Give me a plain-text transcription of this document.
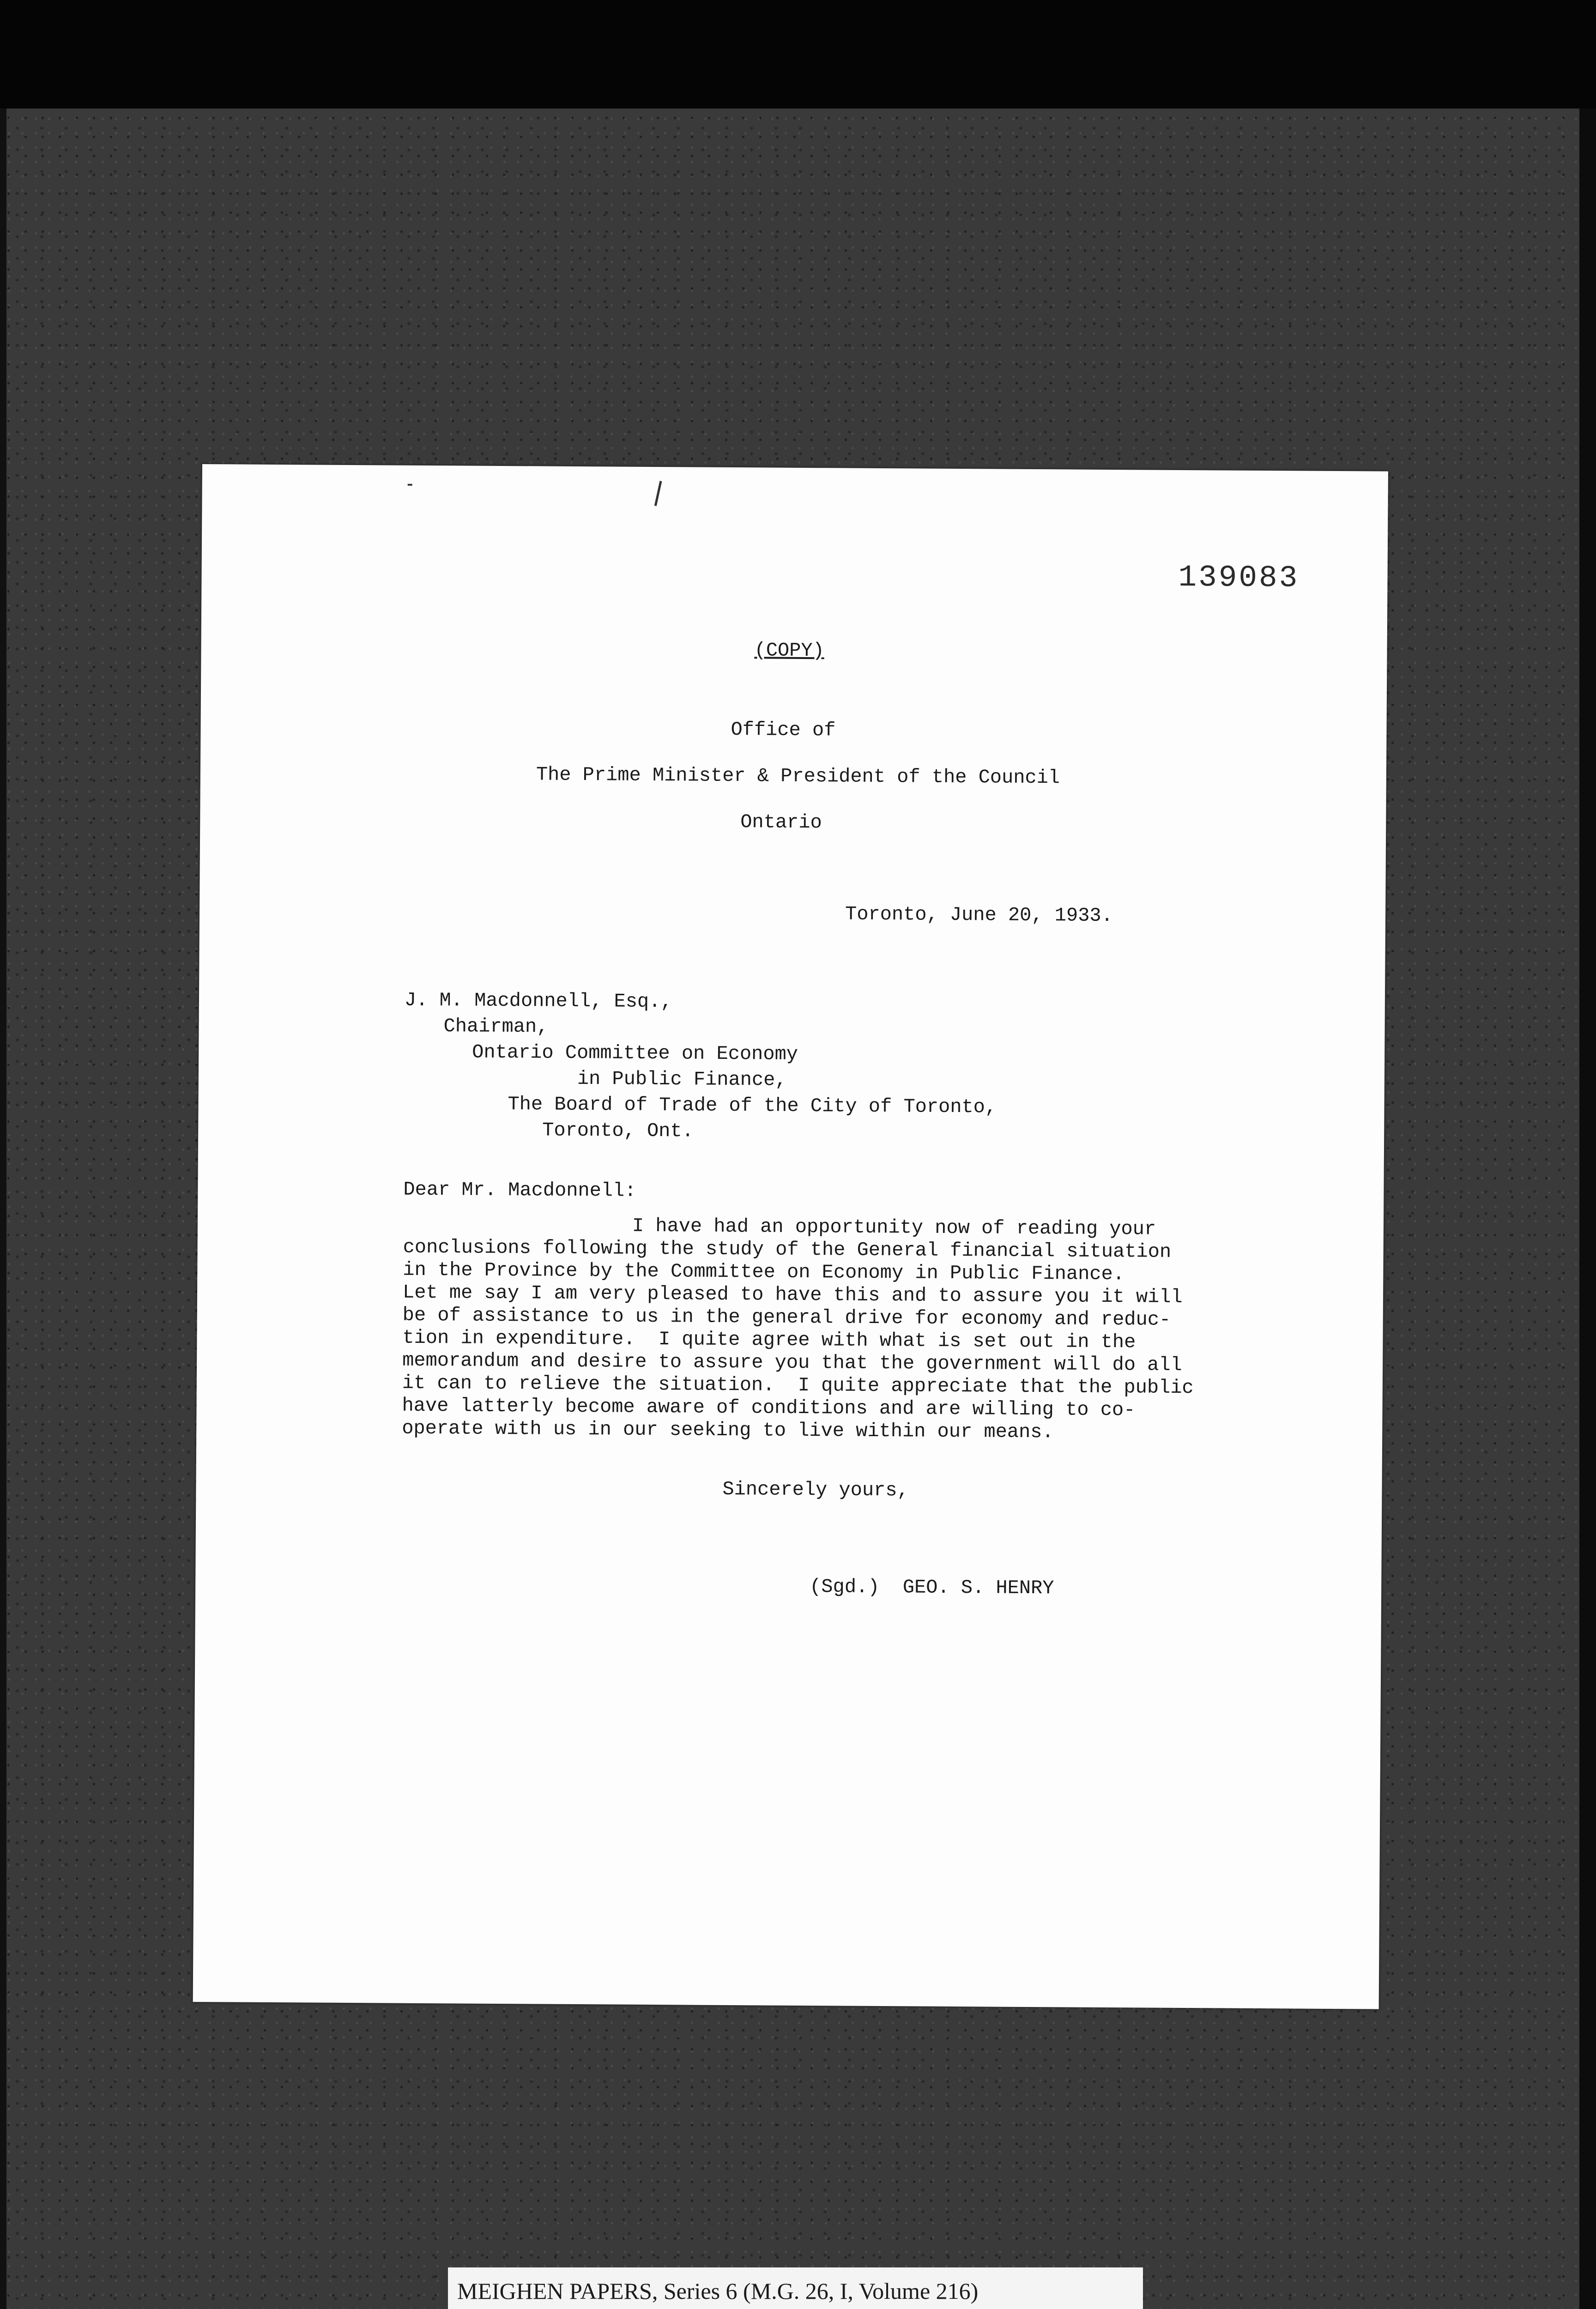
139083
(COPY)
Office of
The Prime Minister & President of the Council
Ontario
Toronto, June 20, 1933.
J. M. Macdonnell, Esq.,
Chairman,
Ontario Committee on Economy
in Public Finance,
The Board of Trade of the City of Toronto,
Toronto, Ont.
Dear Mr. Macdonnell:
I have had an opportunity now of reading your
conclusions following the study of the General financial situation
in the Province by the Committee on Economy in Public Finance.
Let me say I am very pleased to have this and to assure you it will
be of assistance to us in the general drive for economy and reduc-
tion in expenditure.  I quite agree with what is set out in the
memorandum and desire to assure you that the government will do all
it can to relieve the situation.  I quite appreciate that the public
have latterly become aware of conditions and are willing to co-
operate with us in our seeking to live within our means.
Sincerely yours,
(Sgd.)  GEO. S. HENRY
MEIGHEN PAPERS, Series 6 (M.G. 26, I, Volume 216)
